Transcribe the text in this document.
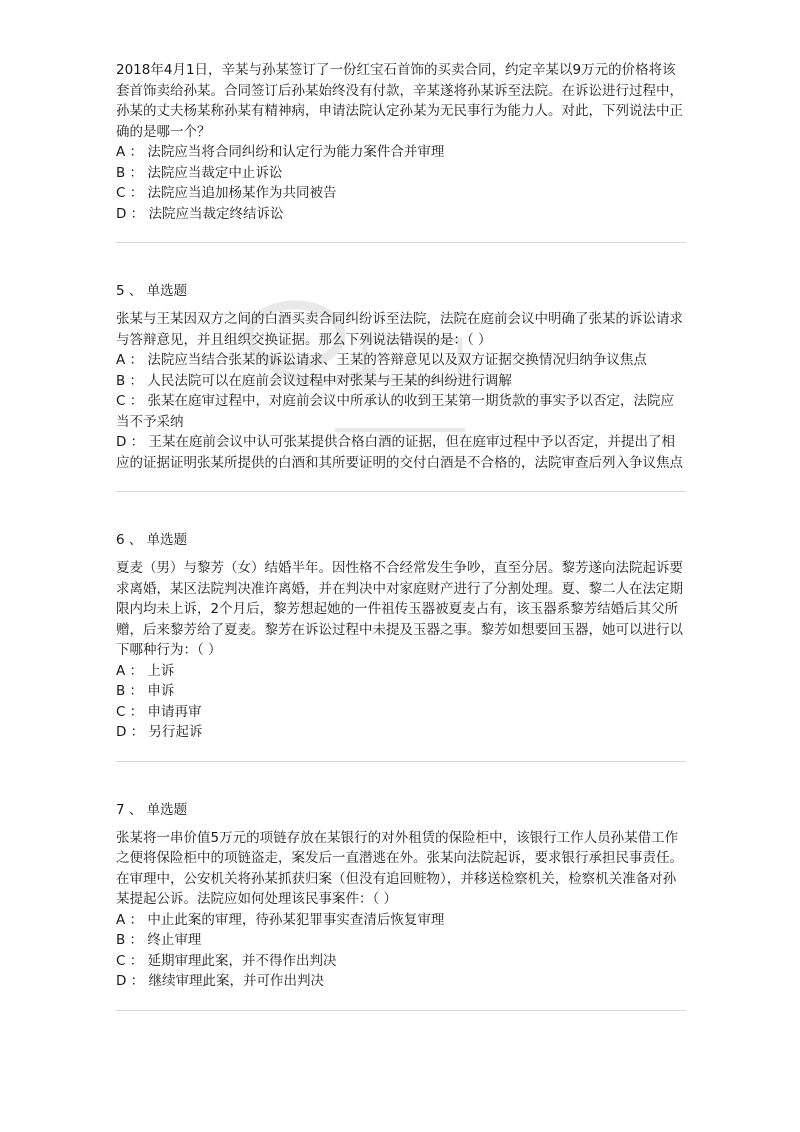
2018年4月1日，辛某与孙某签订了一份红宝石首饰的买卖合同，约定辛某以9万元的价格将该套首饰卖给孙某。合同签订后孙某始终没有付款，辛某遂将孙某诉至法院。在诉讼进行过程中，孙某的丈夫杨某称孙某有精神病，申请法院认定孙某为无民事行为能力人。对此，下列说法中正确的是哪一个？

A ： 法院应当将合同纠纷和认定行为能力案件合并审理

B ： 法院应当裁定中止诉讼

C ： 法院应当追加杨某作为共同被告

D ： 法院应当裁定终结诉讼

5 、 单选题

张某与王某因双方之间的白酒买卖合同纠纷诉至法院，法院在庭前会议中明确了张某的诉讼请求与答辩意见，并且组织交换证据。那么下列说法错误的是：（ ）

A ： 法院应当结合张某的诉讼请求、王某的答辩意见以及双方证据交换情况归纳争议焦点

B ： 人民法院可以在庭前会议过程中对张某与王某的纠纷进行调解

C ： 张某在庭审过程中，对庭前会议中所承认的收到王某第一期货款的事实予以否定，法院应当不予采纳

D ： 王某在庭前会议中认可张某提供合格白酒的证据，但在庭审过程中予以否定，并提出了相应的证据证明张某所提供的白酒和其所要证明的交付白酒是不合格的，法院审查后列入争议焦点

6 、 单选题

夏麦（男）与黎芳（女）结婚半年。因性格不合经常发生争吵，直至分居。黎芳遂向法院起诉要求离婚，某区法院判决准许离婚，并在判决中对家庭财产进行了分割处理。夏、黎二人在法定期限内均未上诉，2个月后，黎芳想起她的一件祖传玉器被夏麦占有，该玉器系黎芳结婚后其父所赠，后来黎芳给了夏麦。黎芳在诉讼过程中未提及玉器之事。黎芳如想要回玉器，她可以进行以下哪种行为：（ ）

A ： 上诉

B ： 申诉

C ： 申请再审

D ： 另行起诉

7 、 单选题

张某将一串价值5万元的项链存放在某银行的对外租赁的保险柜中，该银行工作人员孙某借工作之便将保险柜中的项链盗走，案发后一直潜逃在外。张某向法院起诉，要求银行承担民事责任。在审理中，公安机关将孙某抓获归案（但没有追回赃物），并移送检察机关，检察机关准备对孙某提起公诉。法院应如何处理该民事案件：（ ）

A ： 中止此案的审理，待孙某犯罪事实查清后恢复审理

B ： 终止审理

C ： 延期审理此案，并不得作出判决

D ： 继续审理此案，并可作出判决
